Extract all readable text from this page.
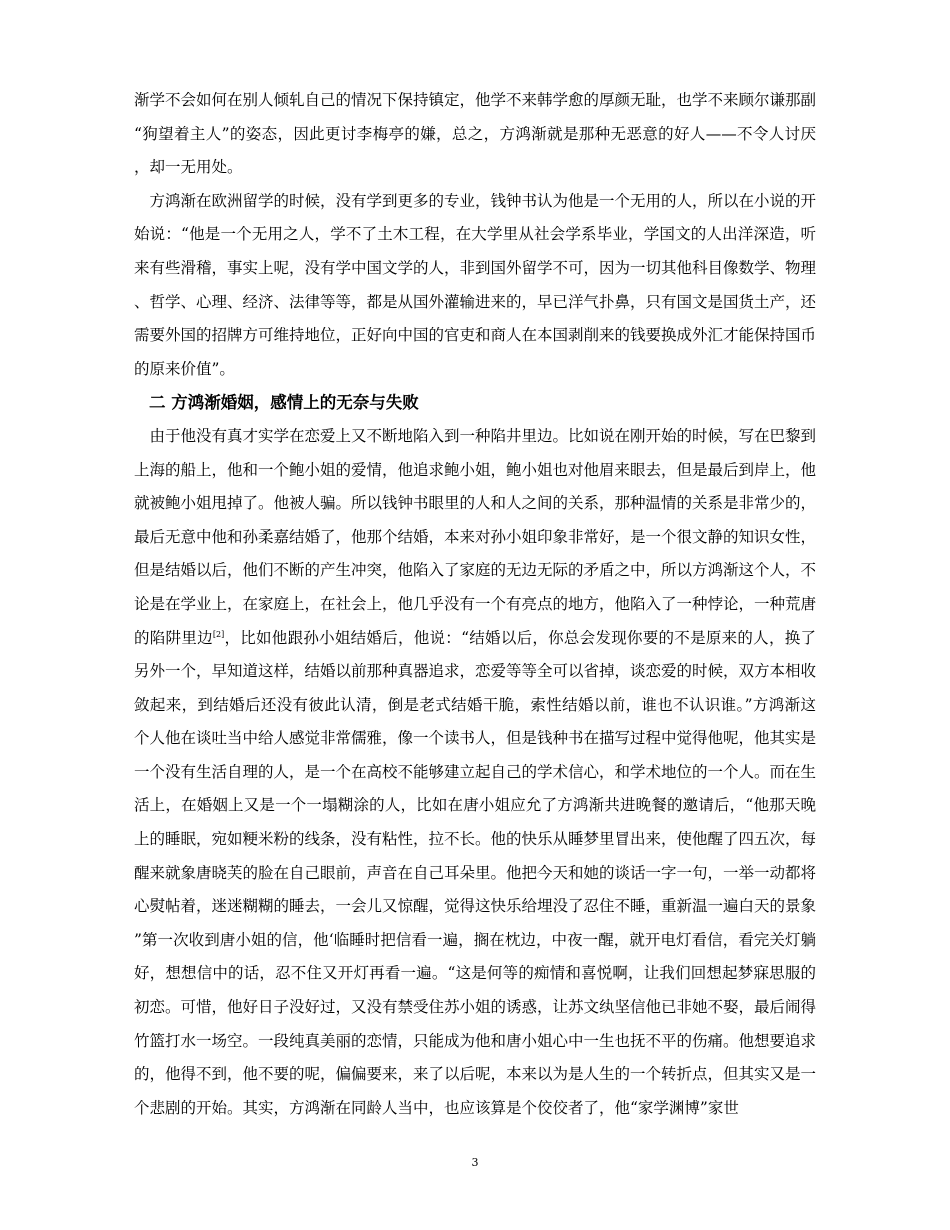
渐学不会如何在别人倾轧自己的情况下保持镇定，他学不来韩学愈的厚颜无耻，也学不来顾尔谦那副“狗望着主人”的姿态，因此更讨李梅亭的嫌，总之，方鸿渐就是那种无恶意的好人——不令人讨厌，却一无用处。

方鸿渐在欧洲留学的时候，没有学到更多的专业，钱钟书认为他是一个无用的人，所以在小说的开始说：“他是一个无用之人，学不了土木工程，在大学里从社会学系毕业，学国文的人出洋深造，听来有些滑稽，事实上呢，没有学中国文学的人，非到国外留学不可，因为一切其他科目像数学、物理、哲学、心理、经济、法律等等，都是从国外灌输进来的，早已洋气扑鼻，只有国文是国货土产，还需要外国的招牌方可维持地位，正好向中国的官吏和商人在本国剥削来的钱要换成外汇才能保持国币的原来价值”。

二 方鸿渐婚姻，感情上的无奈与失败

由于他没有真才实学在恋爱上又不断地陷入到一种陷井里边。比如说在刚开始的时候，写在巴黎到上海的船上，他和一个鲍小姐的爱情，他追求鲍小姐，鲍小姐也对他眉来眼去，但是最后到岸上，他就被鲍小姐甩掉了。他被人骗。所以钱钟书眼里的人和人之间的关系，那种温情的关系是非常少的，最后无意中他和孙柔嘉结婚了，他那个结婚，本来对孙小姐印象非常好，是一个很文静的知识女性，但是结婚以后，他们不断的产生冲突，他陷入了家庭的无边无际的矛盾之中，所以方鸿渐这个人，不论是在学业上，在家庭上，在社会上，他几乎没有一个有亮点的地方，他陷入了一种悖论，一种荒唐的陷阱里边[2]，比如他跟孙小姐结婚后，他说：“结婚以后，你总会发现你要的不是原来的人，换了另外一个，早知道这样，结婚以前那种真器追求，恋爱等等全可以省掉，谈恋爱的时候，双方本相收敛起来，到结婚后还没有彼此认清，倒是老式结婚干脆，索性结婚以前，谁也不认识谁。”方鸿渐这个人他在谈吐当中给人感觉非常儒雅，像一个读书人，但是钱种书在描写过程中觉得他呢，他其实是一个没有生活自理的人，是一个在高校不能够建立起自己的学术信心，和学术地位的一个人。而在生活上，在婚姻上又是一个一塌糊涂的人，比如在唐小姐应允了方鸿渐共进晚餐的邀请后，“他那天晚上的睡眠，宛如粳米粉的线条，没有粘性，拉不长。他的快乐从睡梦里冒出来，使他醒了四五次，每醒来就象唐晓芙的脸在自己眼前，声音在自己耳朵里。他把今天和她的谈话一字一句，一举一动都将心熨帖着，迷迷糊糊的睡去，一会儿又惊醒，觉得这快乐给埋没了忍住不睡，重新温一遍白天的景象”第一次收到唐小姐的信，他‘临睡时把信看一遍，搁在枕边，中夜一醒，就开电灯看信，看完关灯躺好，想想信中的话，忍不住又开灯再看一遍。“这是何等的痴情和喜悦啊，让我们回想起梦寐思服的初恋。可惜，他好日子没好过，又没有禁受住苏小姐的诱惑，让苏文纨坚信他已非她不娶，最后闹得竹篮打水一场空。一段纯真美丽的恋情，只能成为他和唐小姐心中一生也抚不平的伤痛。他想要追求的，他得不到，他不要的呢，偏偏要来，来了以后呢，本来以为是人生的一个转折点，但其实又是一个悲剧的开始。其实，方鸿渐在同龄人当中，也应该算是个佼佼者了，他“家学渊博”家世

3
